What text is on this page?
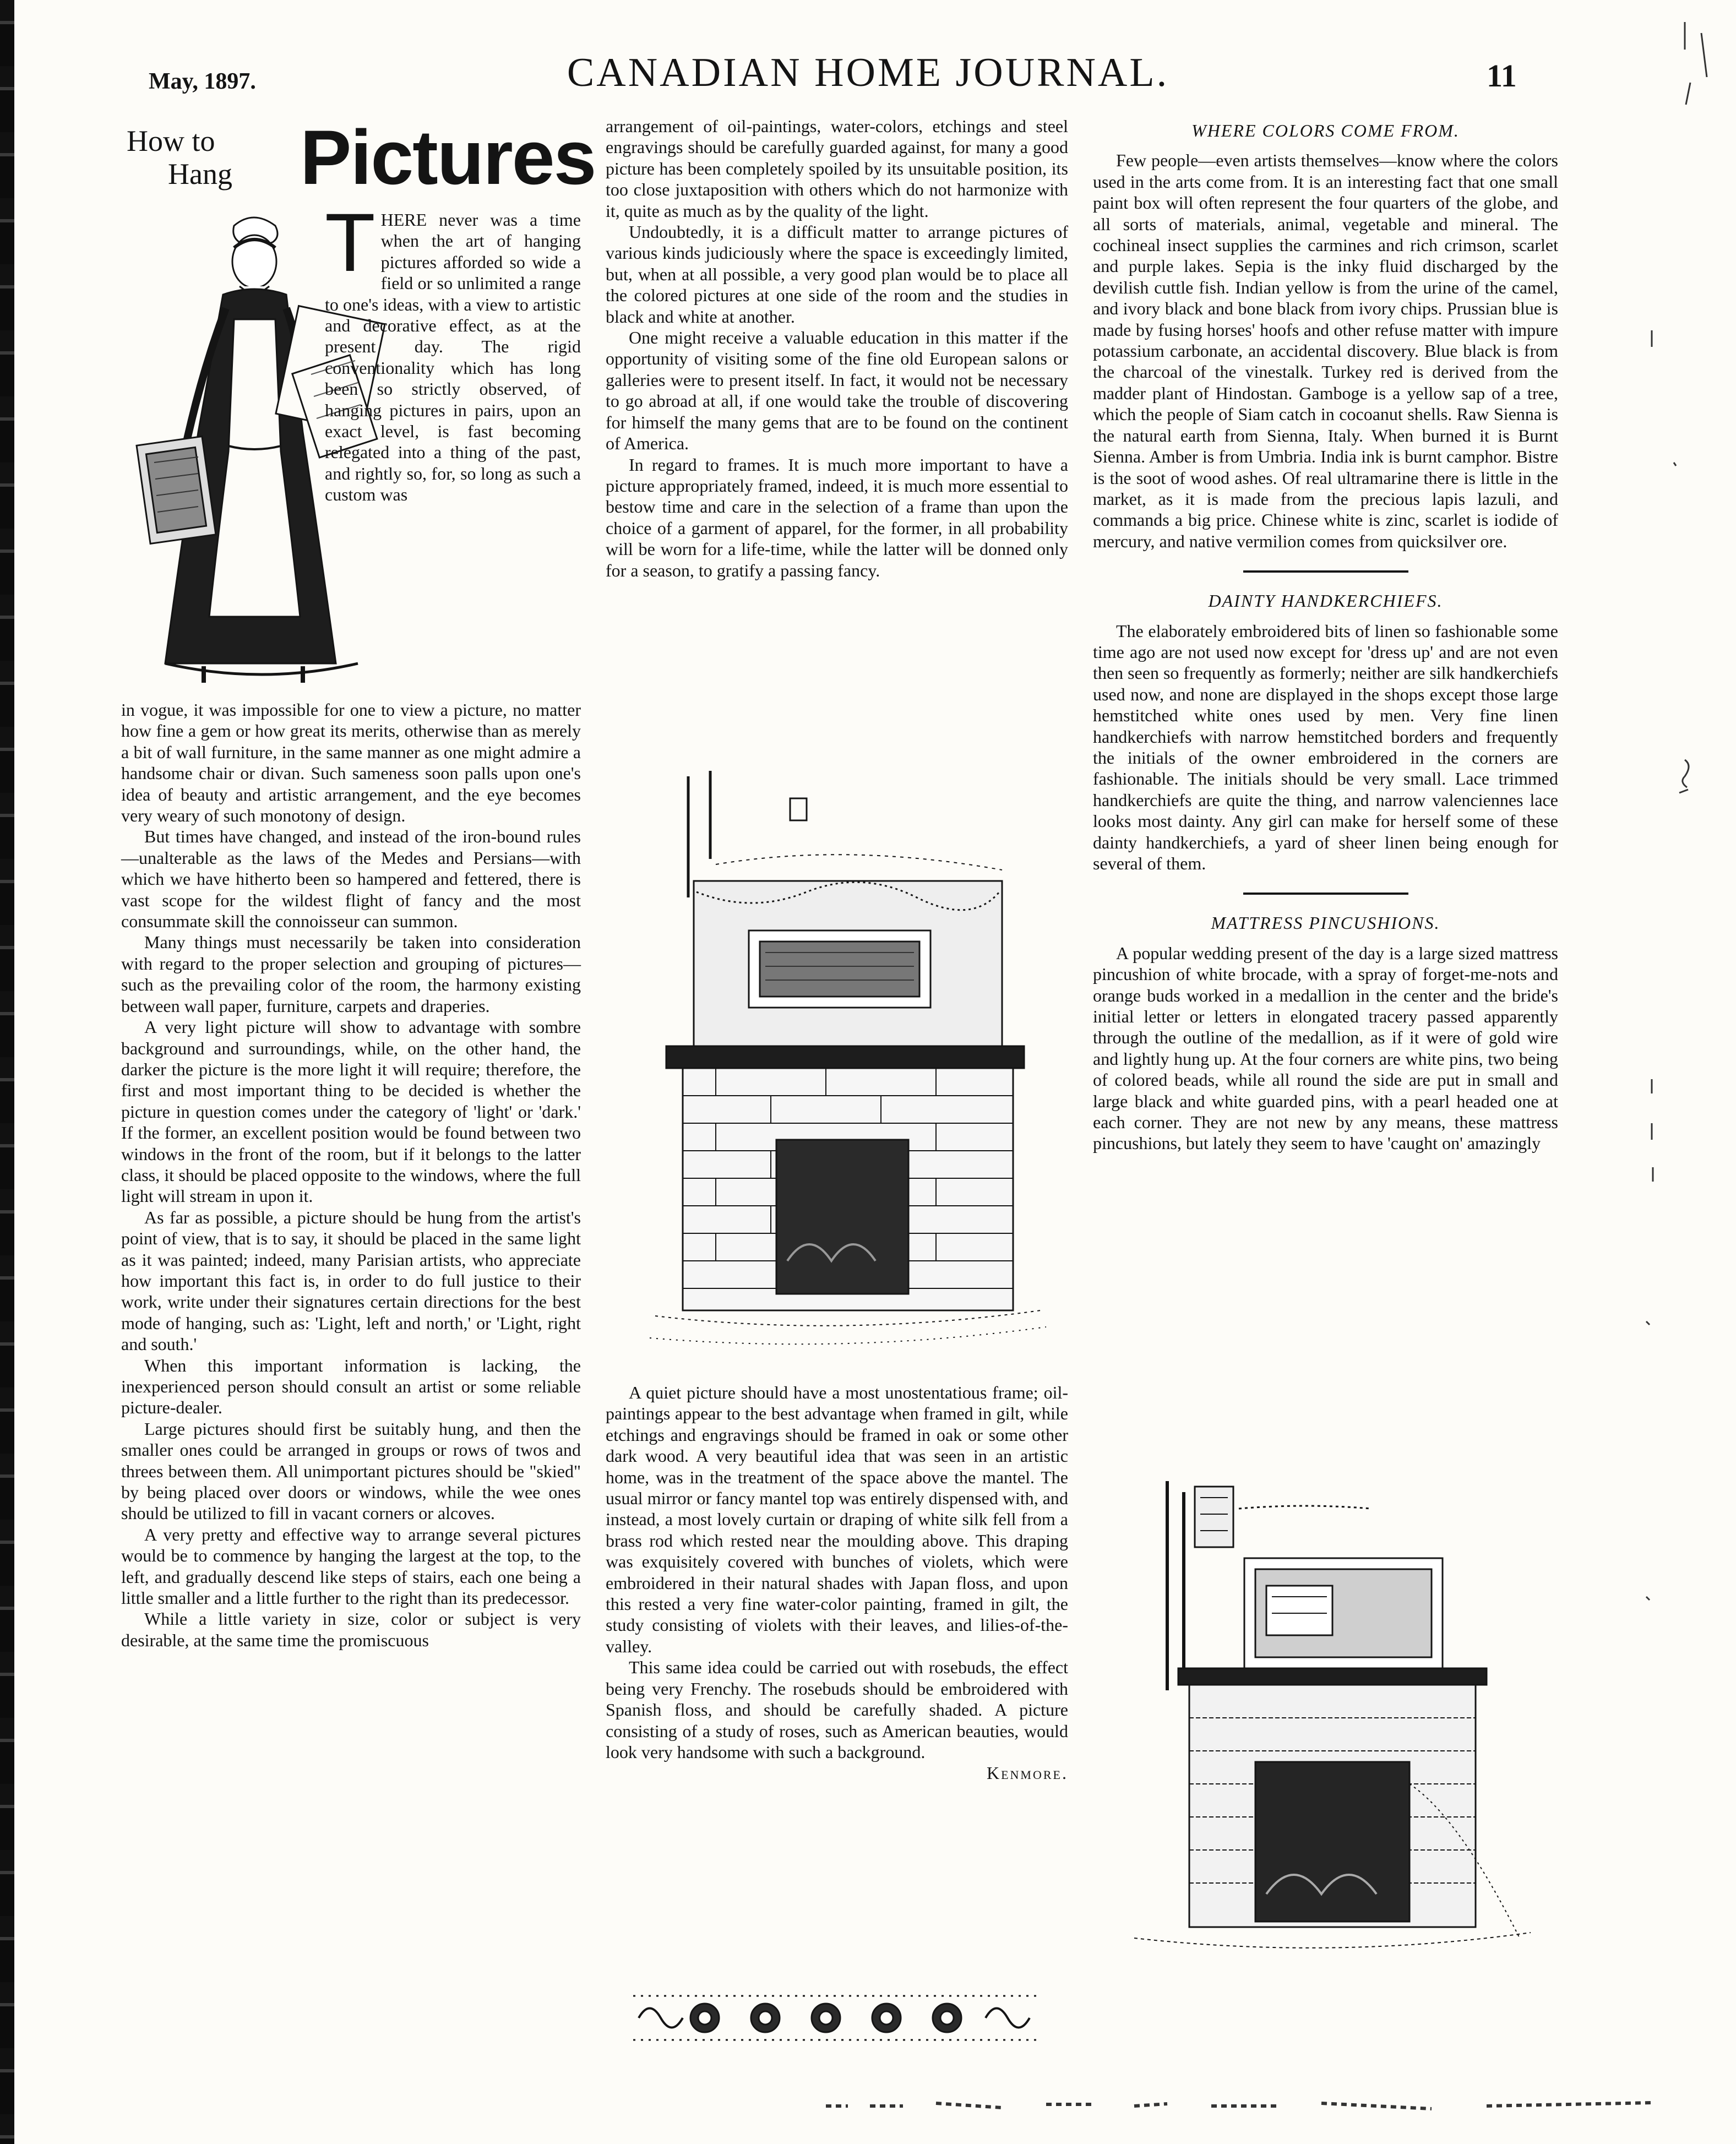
CANADIAN HOME JOURNAL.
May, 1897.	11
How to
Hang Pictures
T HERE never was a time when the art of hanging pictures afforded so wide a field or so unlimited a range to one's ideas, with a view to artistic and decorative effect, as at the present day. The rigid conventionality which has long been so strictly observed, of hanging pictures in pairs, upon an exact level, is fast becoming relegated into a thing of the past, and rightly so, for, so long as such a custom was

in vogue, it was impossible for one to view a picture, no matter how fine a gem or how great its merits, otherwise than as merely a bit of wall furniture, in the same manner as one might admire a handsome chair or divan. Such sameness soon palls upon one's idea of beauty and artistic arrangement, and the eye becomes very weary of such monotony of design.

But times have changed, and instead of the iron-bound rules—unalterable as the laws of the Medes and Persians—with which we have hitherto been so hampered and fettered, there is vast scope for the wildest flight of fancy and the most consummate skill the connoisseur can summon.

Many things must necessarily be taken into consideration with regard to the proper selection and grouping of pictures—such as the prevailing color of the room, the harmony existing between wall paper, furniture, carpets and draperies.

A very light picture will show to advantage with sombre background and surroundings, while, on the other hand, the darker the picture is the more light it will require; therefore, the first and most important thing to be decided is whether the picture in question comes under the category of 'light' or 'dark.' If the former, an excellent position would be found between two windows in the front of the room, but if it belongs to the latter class, it should be placed opposite to the windows, where the full light will stream in upon it.

As far as possible, a picture should be hung from the artist's point of view, that is to say, it should be placed in the same light as it was painted; indeed, many Parisian artists, who appreciate how important this fact is, in order to do full justice to their work, write under their signatures certain directions for the best mode of hanging, such as: 'Light, left and north,' or 'Light, right and south.'

When this important information is lacking, the inexperienced person should consult an artist or some reliable picture-dealer.

Large pictures should first be suitably hung, and then the smaller ones could be arranged in groups or rows of twos and threes between them. All unimportant pictures should be "skied" by being placed over doors or windows, while the wee ones should be utilized to fill in vacant corners or alcoves.

A very pretty and effective way to arrange several pictures would be to commence by hanging the largest at the top, to the left, and gradually descend like steps of stairs, each one being a little smaller and a little further to the right than its predecessor.

While a little variety in size, color or subject is very desirable, at the same time the promiscuous

arrangement of oil-paintings, water-colors, etchings and steel engravings should be carefully guarded against, for many a good picture has been completely spoiled by its unsuitable position, its too close juxtaposition with others which do not harmonize with it, quite as much as by the quality of the light.

Undoubtedly, it is a difficult matter to arrange pictures of various kinds judiciously where the space is exceedingly limited, but, when at all possible, a very good plan would be to place all the colored pictures at one side of the room and the studies in black and white at another.

One might receive a valuable education in this matter if the opportunity of visiting some of the fine old European salons or galleries were to present itself. In fact, it would not be necessary to go abroad at all, if one would take the trouble of discovering for himself the many gems that are to be found on the continent of America.

In regard to frames. It is much more important to have a picture appropriately framed, indeed, it is much more essential to bestow time and care in the selection of a frame than upon the choice of a garment of apparel, for the former, in all probability will be worn for a life-time, while the latter will be donned only for a season, to gratify a passing fancy.

A quiet picture should have a most unostentatious frame; oil-paintings appear to the best advantage when framed in gilt, while etchings and engravings should be framed in oak or some other dark wood. A very beautiful idea that was seen in an artistic home, was in the treatment of the space above the mantel. The usual mirror or fancy mantel top was entirely dispensed with, and instead, a most lovely curtain or draping of white silk fell from a brass rod which rested near the moulding above. This draping was exquisitely covered with bunches of violets, which were embroidered in their natural shades with Japan floss, and upon this rested a very fine water-color painting, framed in gilt, the study consisting of violets with their leaves, and lilies-of-the-valley.

This same idea could be carried out with rosebuds, the effect being very Frenchy. The rosebuds should be embroidered with Spanish floss, and should be carefully shaded. A picture consisting of a study of roses, such as American beauties, would look very handsome with such a background.

Kenmore.

WHERE COLORS COME FROM.

Few people—even artists themselves—know where the colors used in the arts come from. It is an interesting fact that one small paint box will often represent the four quarters of the globe, and all sorts of materials, animal, vegetable and mineral. The cochineal insect supplies the carmines and rich crimson, scarlet and purple lakes. Sepia is the inky fluid discharged by the devilish cuttle fish. Indian yellow is from the urine of the camel, and ivory black and bone black from ivory chips. Prussian blue is made by fusing horses' hoofs and other refuse matter with impure potassium carbonate, an accidental discovery. Blue black is from the charcoal of the vinestalk. Turkey red is derived from the madder plant of Hindostan. Gamboge is a yellow sap of a tree, which the people of Siam catch in cocoanut shells. Raw Sienna is the natural earth from Sienna, Italy. When burned it is Burnt Sienna. Amber is from Umbria. India ink is burnt camphor. Bistre is the soot of wood ashes. Of real ultramarine there is little in the market, as it is made from the precious lapis lazuli, and commands a big price. Chinese white is zinc, scarlet is iodide of mercury, and native vermilion comes from quicksilver ore.

DAINTY HANDKERCHIEFS.

The elaborately embroidered bits of linen so fashionable some time ago are not used now except for 'dress up' and are not even then seen so frequently as formerly; neither are silk handkerchiefs used now, and none are displayed in the shops except those large hemstitched white ones used by men. Very fine linen handkerchiefs with narrow hemstitched borders and frequently the initials of the owner embroidered in the corners are fashionable. The initials should be very small. Lace trimmed handkerchiefs are quite the thing, and narrow valenciennes lace looks most dainty. Any girl can make for herself some of these dainty handkerchiefs, a yard of sheer linen being enough for several of them.

MATTRESS PINCUSHIONS.

A popular wedding present of the day is a large sized mattress pincushion of white brocade, with a spray of forget-me-nots and orange buds worked in a medallion in the center and the bride's initial letter or letters in elongated tracery passed apparently through the outline of the medallion, as if it were of gold wire and lightly hung up. At the four corners are white pins, two being of colored beads, while all round the side are put in small and large black and white guarded pins, with a pearl headed one at each corner. They are not new by any means, these mattress pincushions, but lately they seem to have 'caught on' amazingly
